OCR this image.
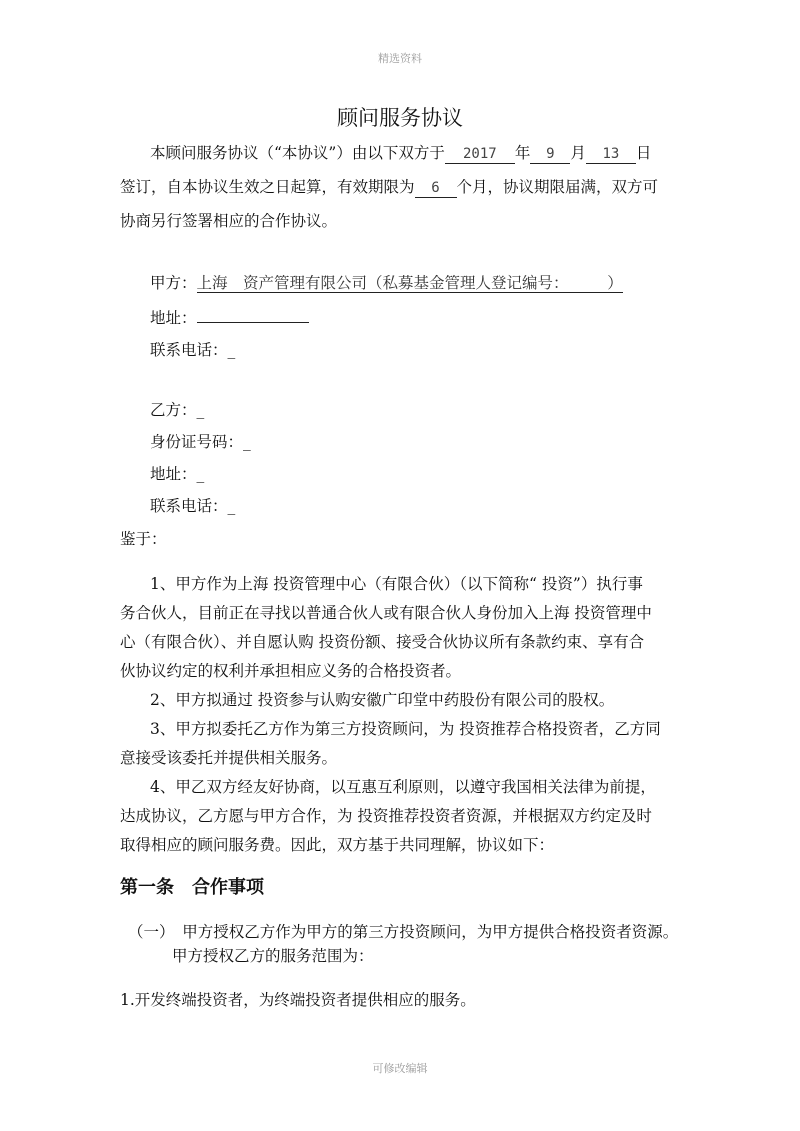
精选资料
顾问服务协议
本顾问服务协议（“本协议”）由以下双方于 2017 年 9 月 13 日
签订，自本协议生效之日起算，有效期限为 6 个月，协议期限届满，双方可
协商另行签署相应的合作协议。
甲方：上海　资产管理有限公司（私募基金管理人登记编号：　　　）
地址：
联系电话：_
乙方：_
身份证号码：_
地址：_
联系电话：_
鉴于：
1、甲方作为上海 投资管理中心（有限合伙）（以下简称“ 投资”）执行事
务合伙人，目前正在寻找以普通合伙人或有限合伙人身份加入上海 投资管理中
心（有限合伙）、并自愿认购 投资份额、接受合伙协议所有条款约束、享有合
伙协议约定的权利并承担相应义务的合格投资者。
2、甲方拟通过 投资参与认购安徽广印堂中药股份有限公司的股权。
3、甲方拟委托乙方作为第三方投资顾问，为 投资推荐合格投资者，乙方同
意接受该委托并提供相关服务。
4、甲乙双方经友好协商，以互惠互利原则，以遵守我国相关法律为前提，
达成协议，乙方愿与甲方合作，为 投资推荐投资者资源，并根据双方约定及时
取得相应的顾问服务费。因此，双方基于共同理解，协议如下：
第一条　合作事项
（一）　甲方授权乙方作为甲方的第三方投资顾问，为甲方提供合格投资者资源。
甲方授权乙方的服务范围为：
1.开发终端投资者，为终端投资者提供相应的服务。
可修改编辑
